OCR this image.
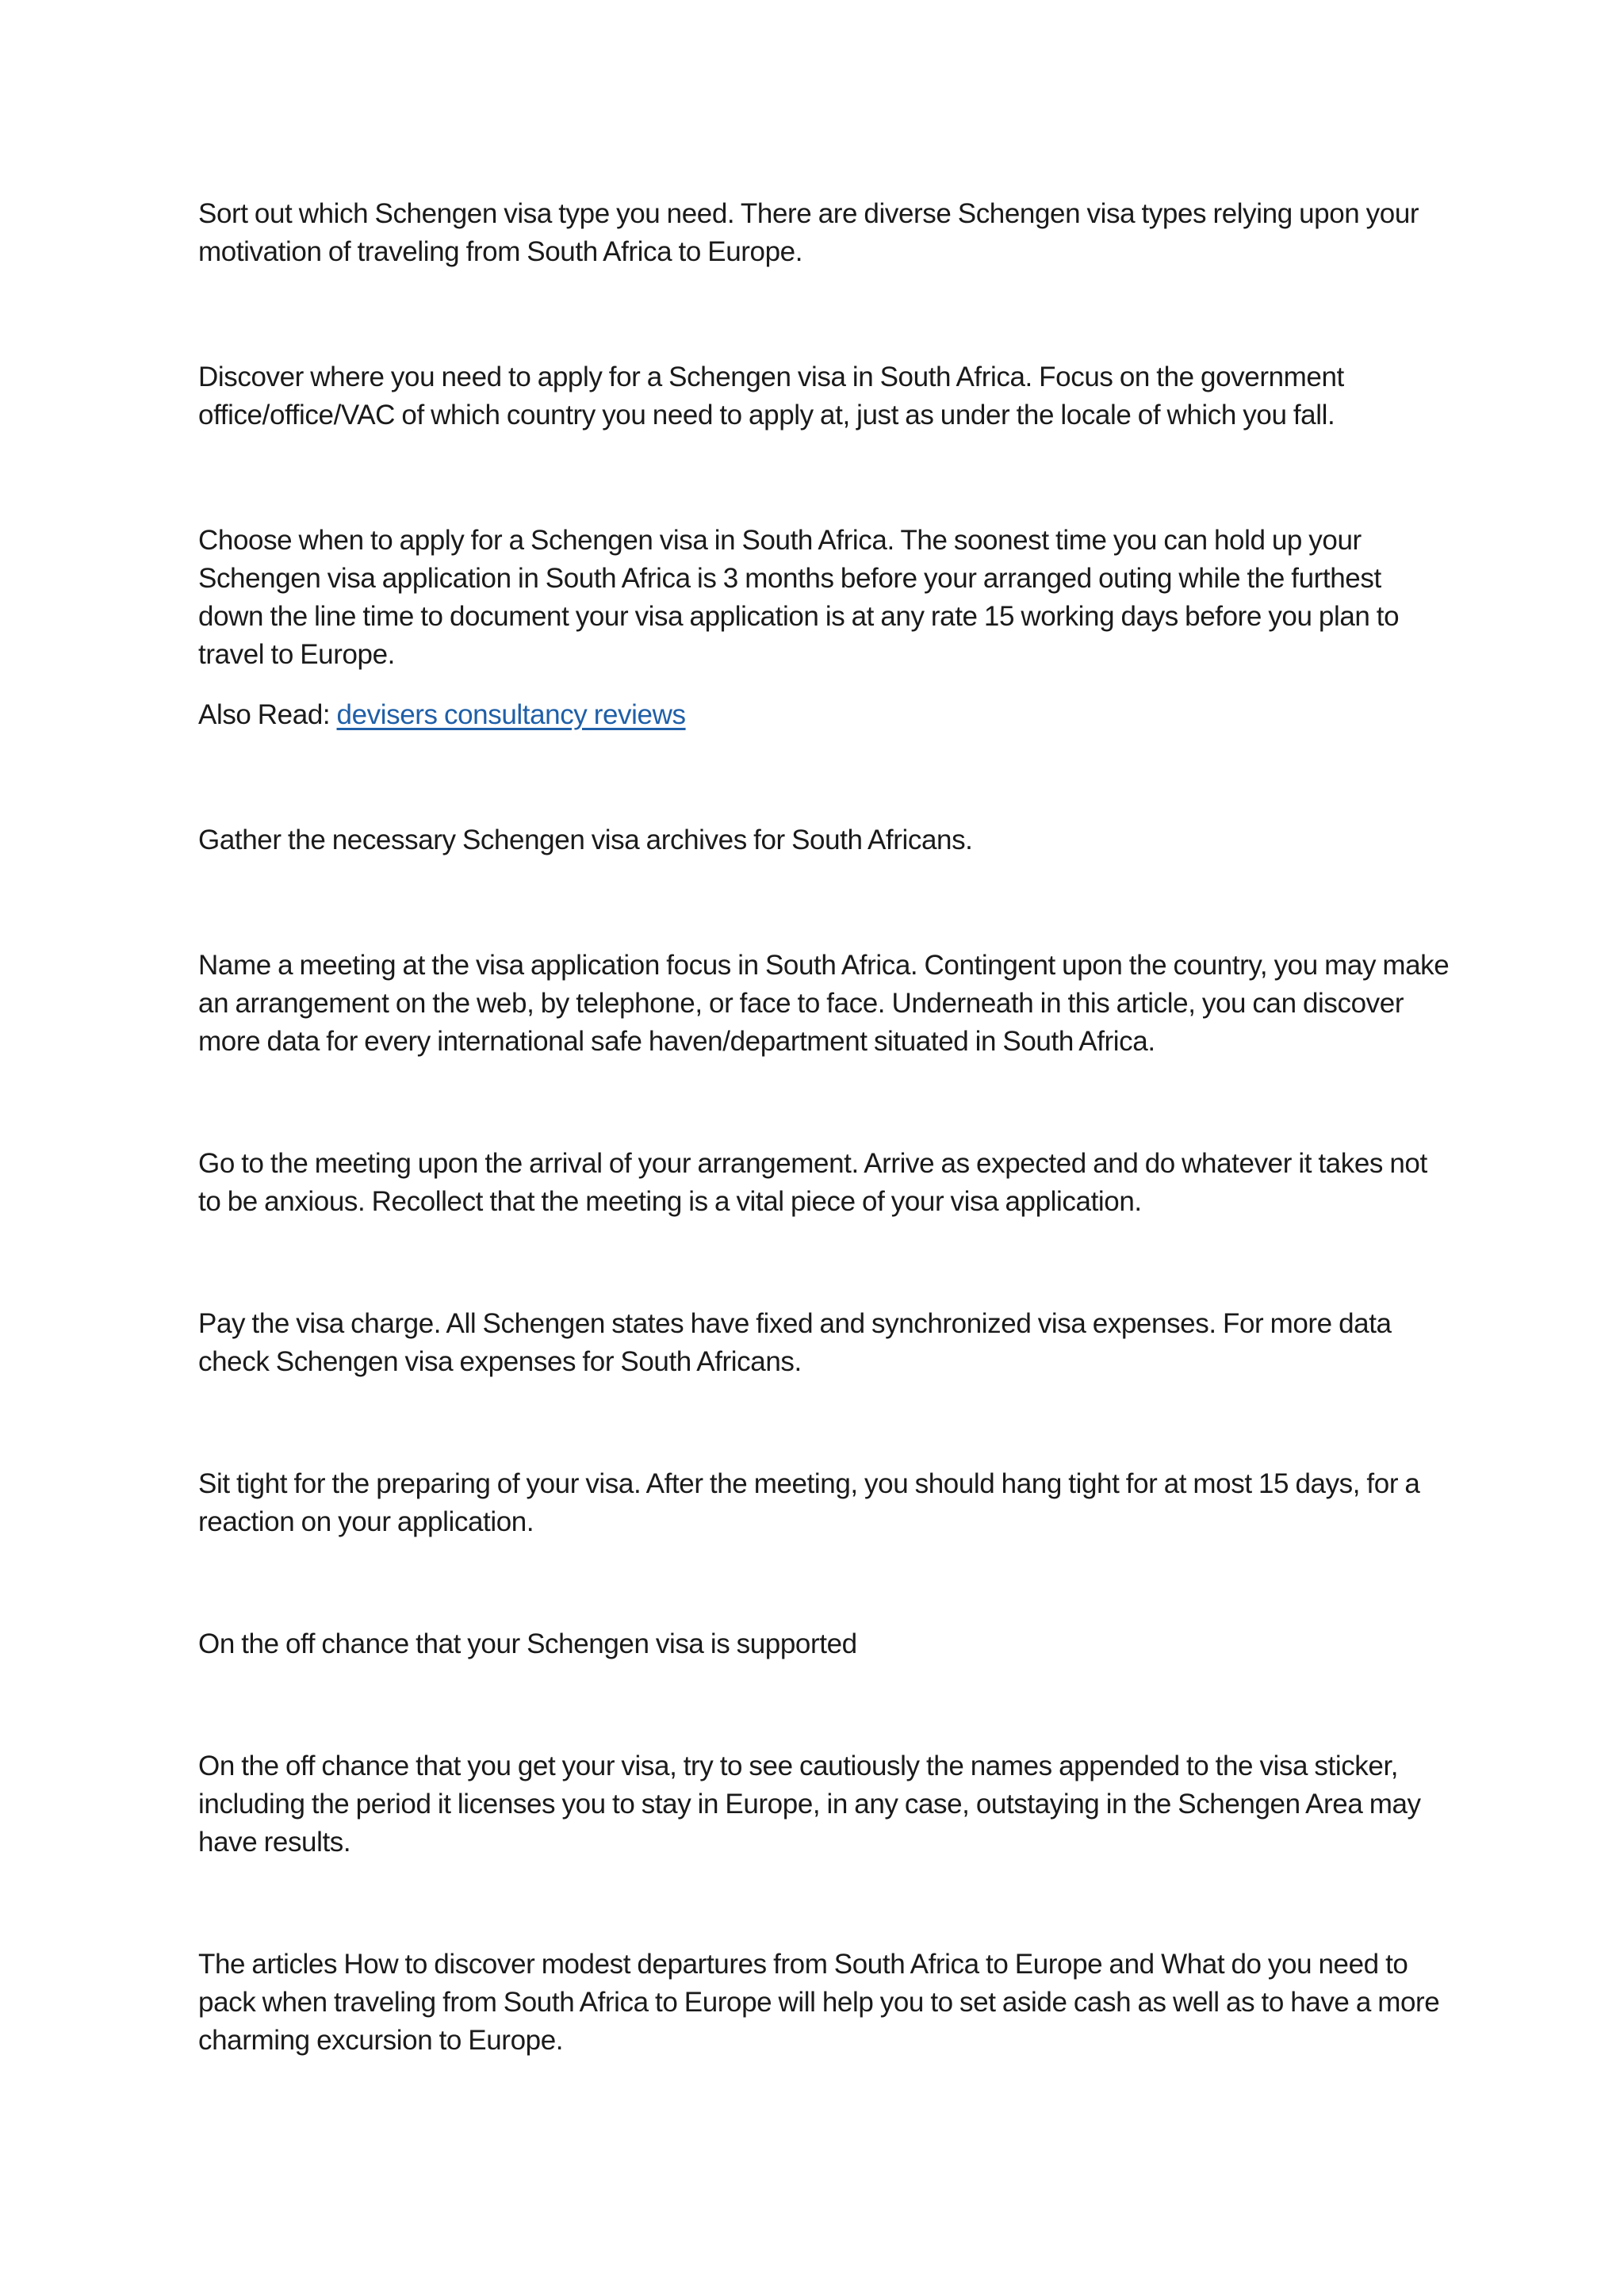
Sort out which Schengen visa type you need. There are diverse Schengen visa types relying upon your motivation of traveling from South Africa to Europe.

Discover where you need to apply for a Schengen visa in South Africa. Focus on the government office/office/VAC of which country you need to apply at, just as under the locale of which you fall.

Choose when to apply for a Schengen visa in South Africa. The soonest time you can hold up your Schengen visa application in South Africa is 3 months before your arranged outing while the furthest down the line time to document your visa application is at any rate 15 working days before you plan to travel to Europe.

Also Read: devisers consultancy reviews

Gather the necessary Schengen visa archives for South Africans.

Name a meeting at the visa application focus in South Africa. Contingent upon the country, you may make an arrangement on the web, by telephone, or face to face. Underneath in this article, you can discover more data for every international safe haven/department situated in South Africa.

Go to the meeting upon the arrival of your arrangement. Arrive as expected and do whatever it takes not to be anxious. Recollect that the meeting is a vital piece of your visa application.

Pay the visa charge. All Schengen states have fixed and synchronized visa expenses. For more data check Schengen visa expenses for South Africans.

Sit tight for the preparing of your visa. After the meeting, you should hang tight for at most 15 days, for a reaction on your application.

On the off chance that your Schengen visa is supported

On the off chance that you get your visa, try to see cautiously the names appended to the visa sticker, including the period it licenses you to stay in Europe, in any case, outstaying in the Schengen Area may have results.

The articles How to discover modest departures from South Africa to Europe and What do you need to pack when traveling from South Africa to Europe will help you to set aside cash as well as to have a more charming excursion to Europe.
